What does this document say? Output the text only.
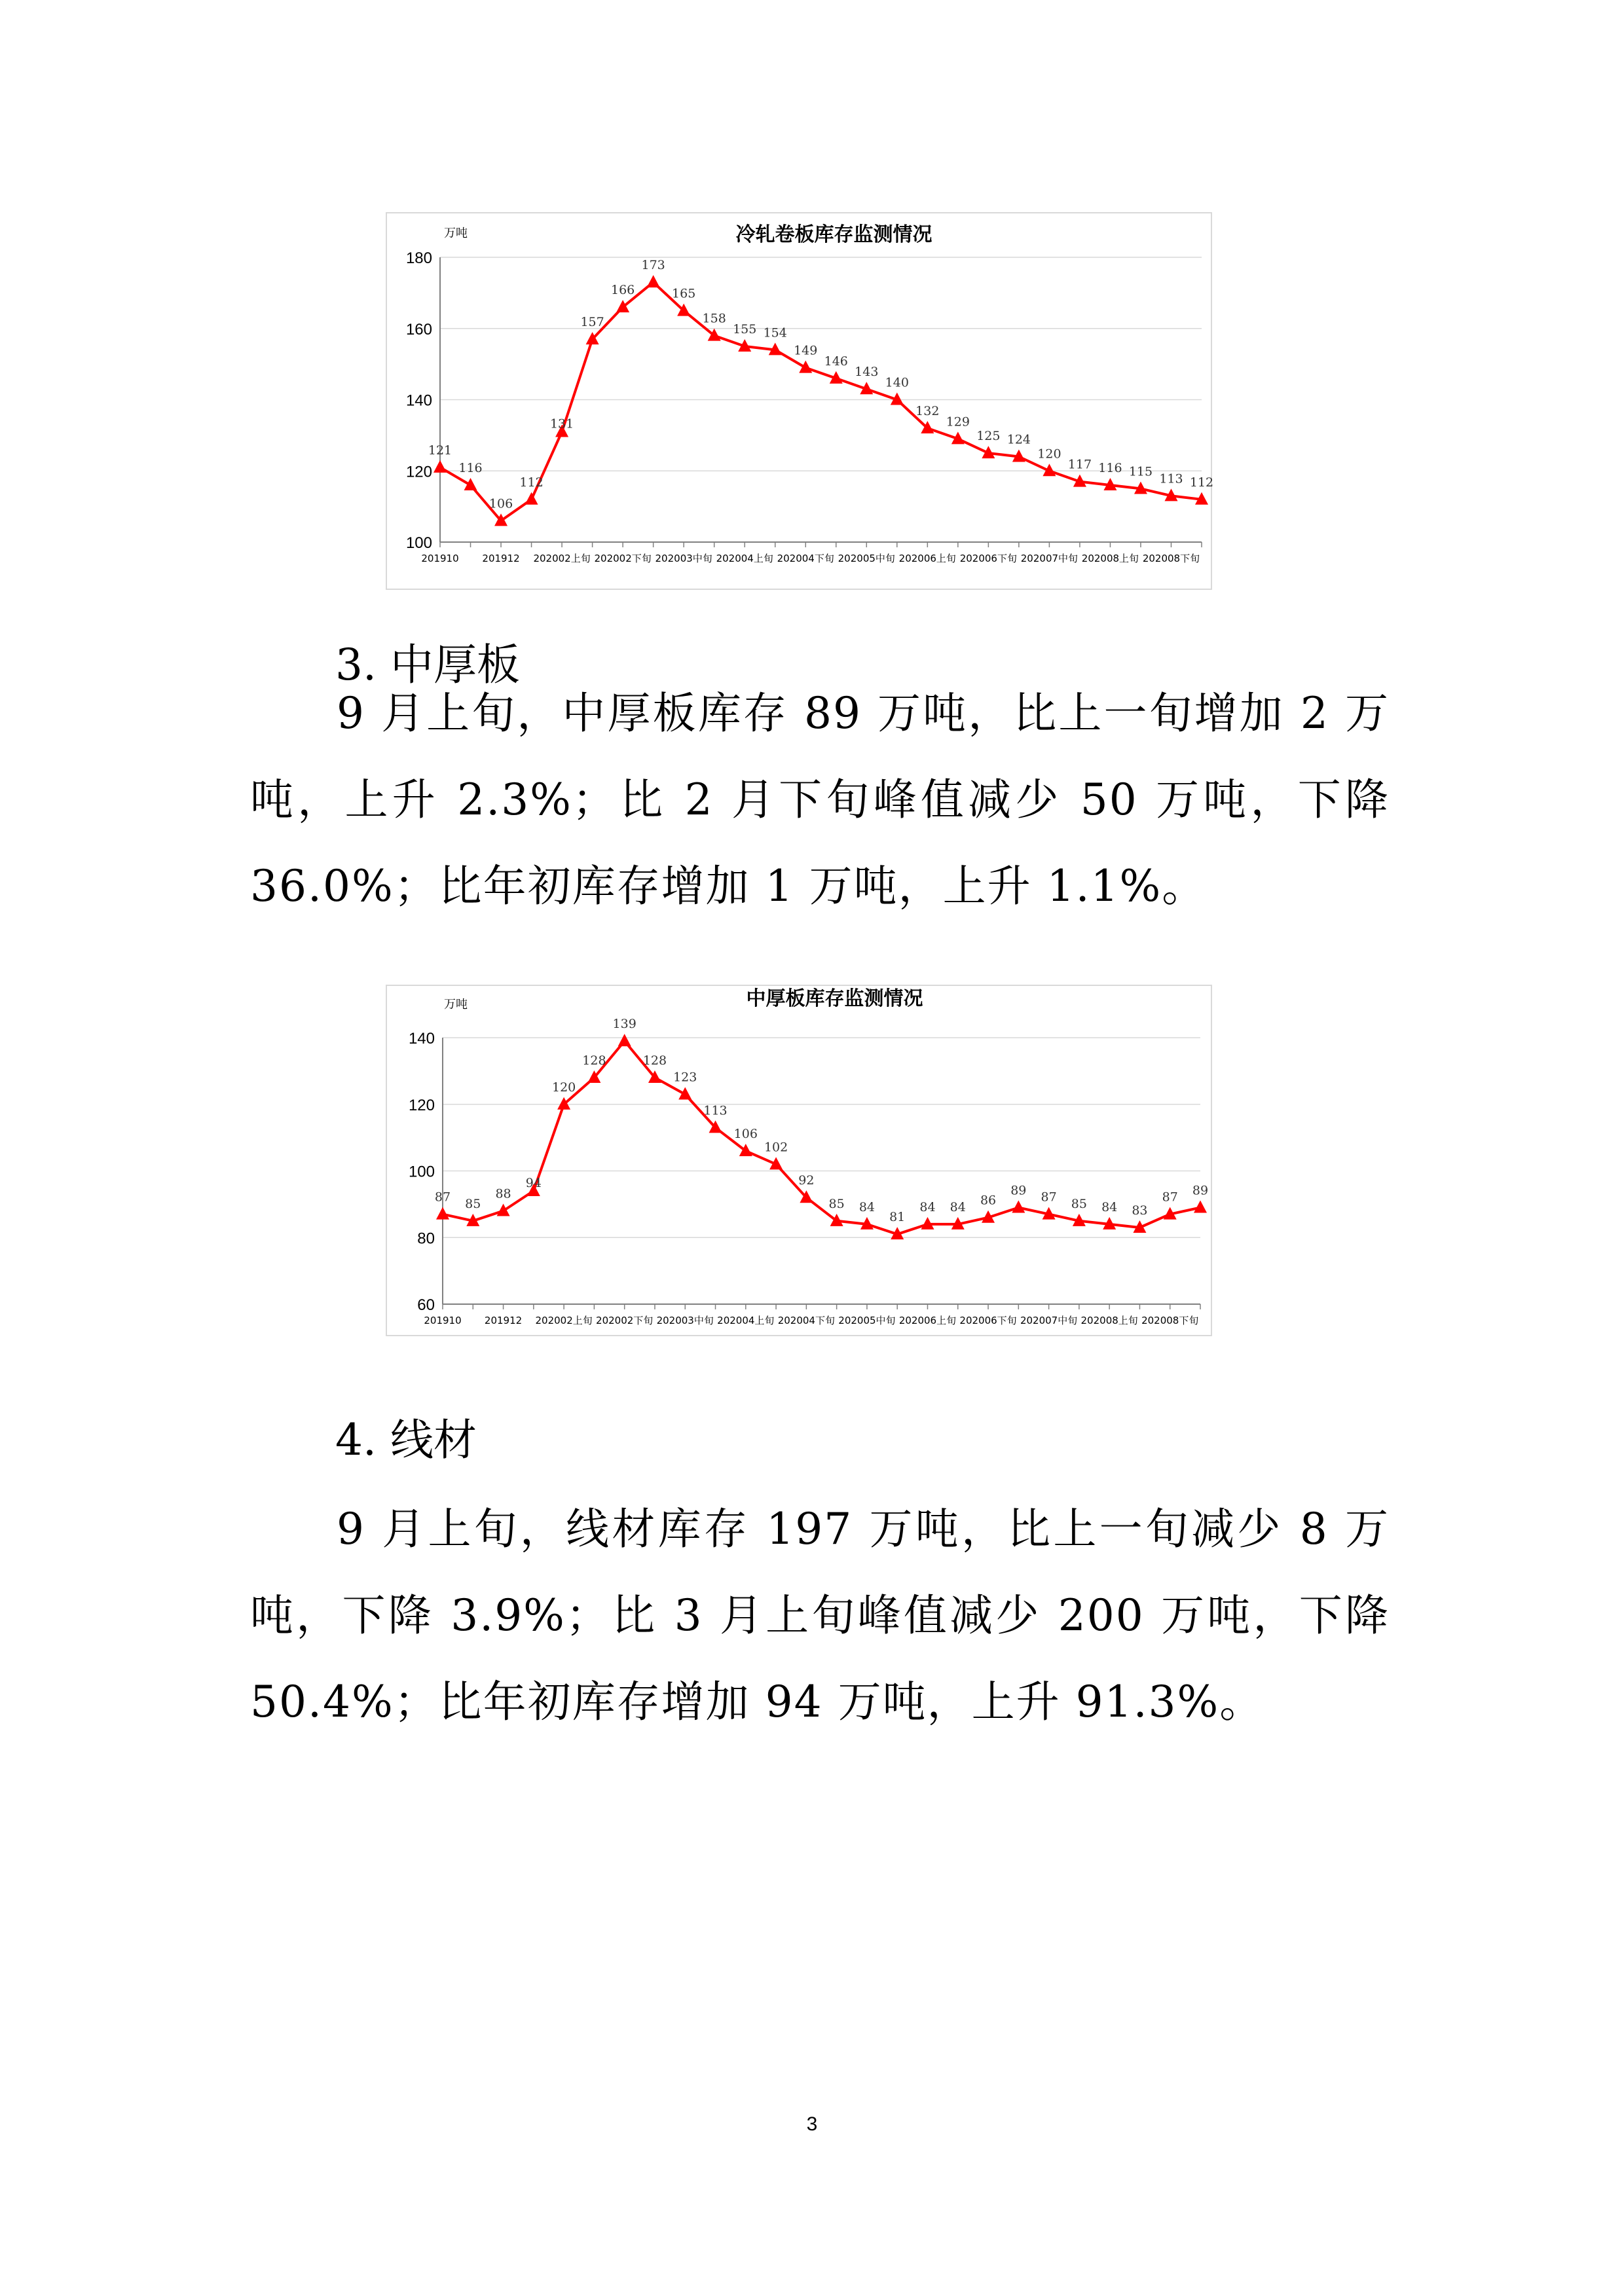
冷轧卷板库存监测情况
万吨
100
120
140
160
180
201910 201912 202002上旬 202002下旬 202003中旬 202004上旬 202004下旬 202005中旬 202006上旬 202006下旬 202007中旬 202008上旬 202008下旬
121
116
106
112
131
157
166
173
165
158
155 154
149
146
143
140
132
129
125 124
120
117 116 115 113 112
中厚板库存监测情况
万吨
60
80
100
120
140
201910 201912 202002上旬 202002下旬 202003中旬 202004上旬 202004下旬 202005中旬 202006上旬 202006下旬 202007中旬 202008上旬 202008下旬
87 85
88
94
120
128
139
128
123
113
106
102
92
85 84
81
84 84 86
89 87 85 84 83
87 89
3. 中厚板

9 月上旬，中厚板库存 89 万吨，比上一旬增加 2 万吨，上升 2.3%；比 2 月下旬峰值减少 50 万吨，下降 36.0%；比年初库存增加 1 万吨，上升 1.1%。

4. 线材

9 月上旬，线材库存 197 万吨，比上一旬减少 8 万吨，下降 3.9%；比 3 月上旬峰值减少 200 万吨，下降 50.4%；比年初库存增加 94 万吨，上升 91.3%。

3
